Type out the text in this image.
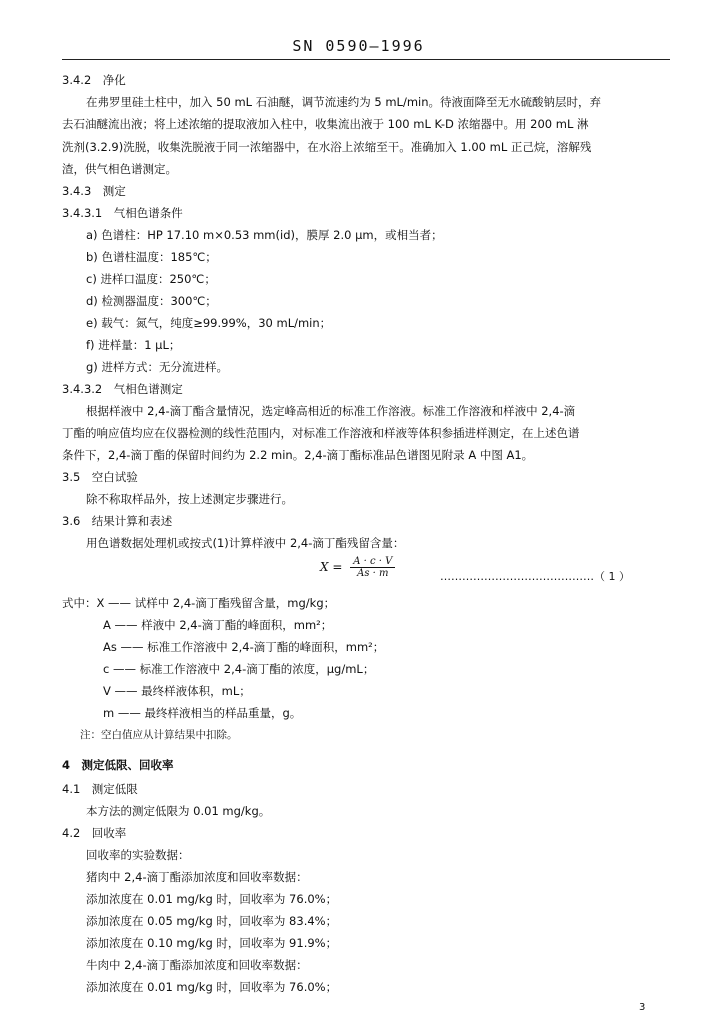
SN 0590—1996
3.4.2　净化
在弗罗里硅土柱中，加入 50 mL 石油醚，调节流速约为 5 mL/min。待液面降至无水硫酸钠层时，弃
去石油醚流出液；将上述浓缩的提取液加入柱中，收集流出液于 100 mL K-D 浓缩器中。用 200 mL 淋
洗剂(3.2.9)洗脱，收集洗脱液于同一浓缩器中，在水浴上浓缩至干。准确加入 1.00 mL 正己烷，溶解残
渣，供气相色谱测定。
3.4.3　测定
3.4.3.1　气相色谱条件
a) 色谱柱：HP 17.10 m×0.53 mm(id)，膜厚 2.0 μm，或相当者；
b) 色谱柱温度：185℃；
c) 进样口温度：250℃；
d) 检测器温度：300℃；
e) 载气：氮气，纯度≥99.99%，30 mL/min；
f) 进样量：1 μL；
g) 进样方式：无分流进样。
3.4.3.2　气相色谱测定
根据样液中 2,4-滴丁酯含量情况，选定峰高相近的标准工作溶液。标准工作溶液和样液中 2,4-滴
丁酯的响应值均应在仪器检测的线性范围内，对标准工作溶液和样液等体积参插进样测定，在上述色谱
条件下，2,4-滴丁酯的保留时间约为 2.2 min。2,4-滴丁酯标准品色谱图见附录 A 中图 A1。
3.5　空白试验
除不称取样品外，按上述测定步骤进行。
3.6　结果计算和表述
用色谱数据处理机或按式(1)计算样液中 2,4-滴丁酯残留含量：
$X = \frac{A \cdot c \cdot V}{As \cdot m}$	……………………………………（ 1 ）
式中：X —— 试样中 2,4-滴丁酯残留含量，mg/kg；
A —— 样液中 2,4-滴丁酯的峰面积，mm²；
As —— 标准工作溶液中 2,4-滴丁酯的峰面积，mm²；
c —— 标准工作溶液中 2,4-滴丁酯的浓度，μg/mL；
V —— 最终样液体积，mL；
m —— 最终样液相当的样品重量，g。
注：空白值应从计算结果中扣除。
4　测定低限、回收率
4.1　测定低限
本方法的测定低限为 0.01 mg/kg。
4.2　回收率
回收率的实验数据：
猪肉中 2,4-滴丁酯添加浓度和回收率数据：
添加浓度在 0.01 mg/kg 时，回收率为 76.0%；
添加浓度在 0.05 mg/kg 时，回收率为 83.4%；
添加浓度在 0.10 mg/kg 时，回收率为 91.9%；
牛肉中 2,4-滴丁酯添加浓度和回收率数据：
添加浓度在 0.01 mg/kg 时，回收率为 76.0%；
3
